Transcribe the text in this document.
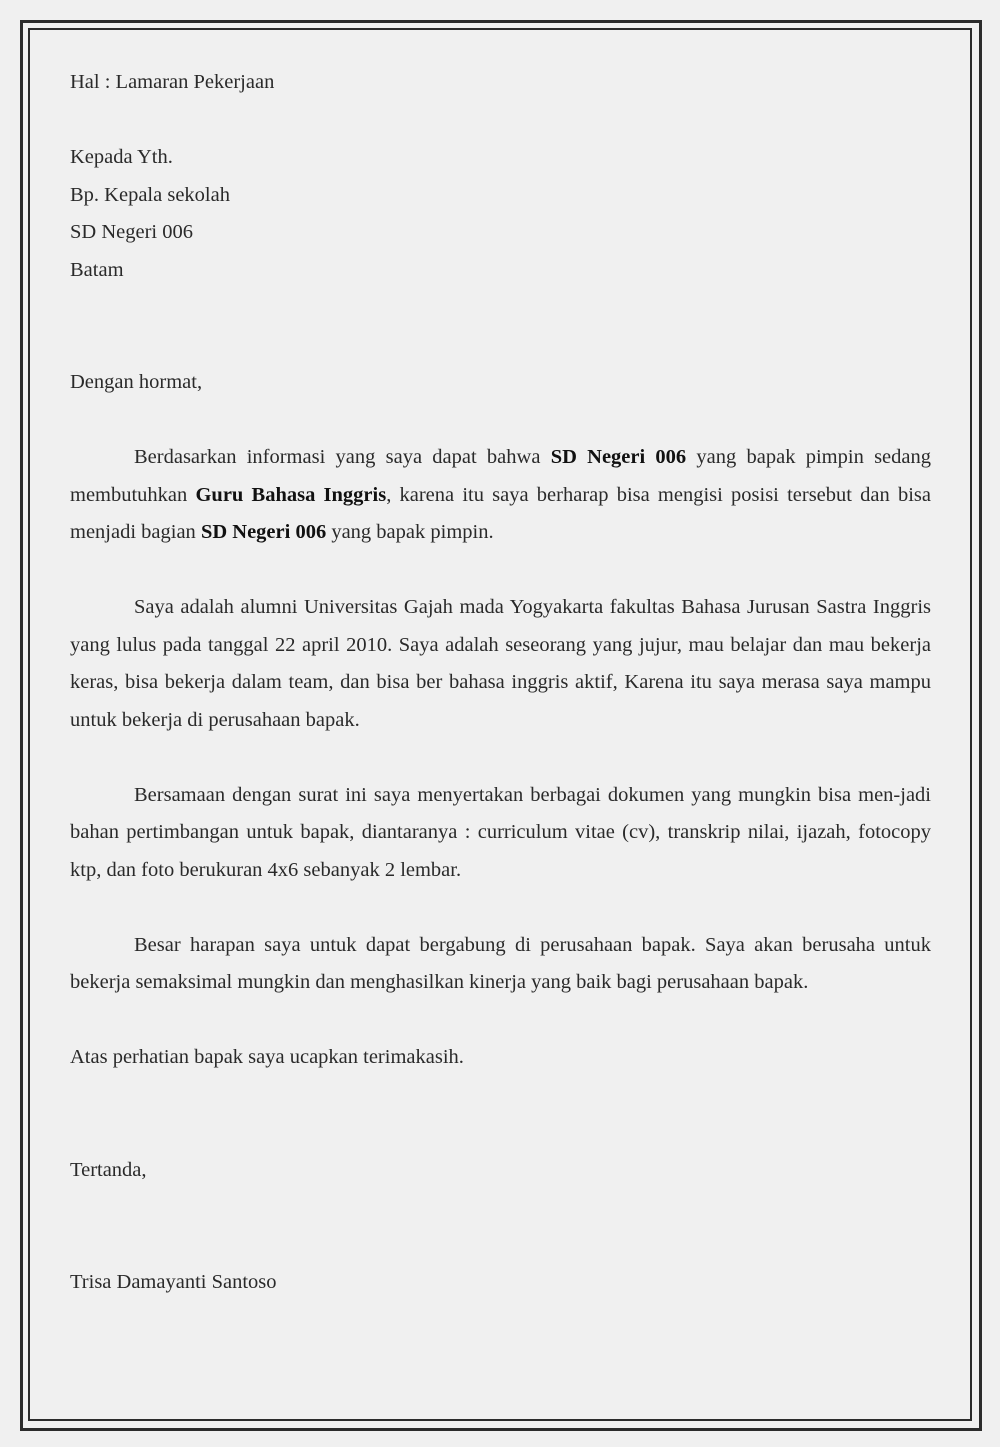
Hal : Lamaran Pekerjaan
Kepada Yth.
Bp. Kepala sekolah
SD Negeri 006
Batam
Dengan hormat,

Berdasarkan informasi yang saya dapat bahwa SD Negeri 006 yang bapak pimpin sedang membutuhkan Guru Bahasa Inggris, karena itu saya berharap bisa mengisi posisi tersebut dan bisa menjadi bagian SD Negeri 006 yang bapak pimpin.

Saya adalah alumni Universitas Gajah mada Yogyakarta fakultas Bahasa Jurusan Sastra Inggris yang lulus pada tanggal 22 april 2010. Saya adalah seseorang yang jujur, mau belajar dan mau bekerja keras, bisa bekerja dalam team, dan bisa ber bahasa inggris aktif, Karena itu saya merasa saya mampu untuk bekerja di perusahaan bapak.

Bersamaan dengan surat ini saya menyertakan berbagai dokumen yang mungkin bisa men-jadi bahan pertimbangan untuk bapak, diantaranya : curriculum vitae (cv), transkrip nilai, ijazah, fotocopy ktp, dan foto berukuran 4x6 sebanyak 2 lembar.

Besar harapan saya untuk dapat bergabung di perusahaan bapak. Saya akan berusaha untuk bekerja semaksimal mungkin dan menghasilkan kinerja yang baik bagi perusahaan bapak.

Atas perhatian bapak saya ucapkan terimakasih.
Tertanda,
Trisa Damayanti Santoso
